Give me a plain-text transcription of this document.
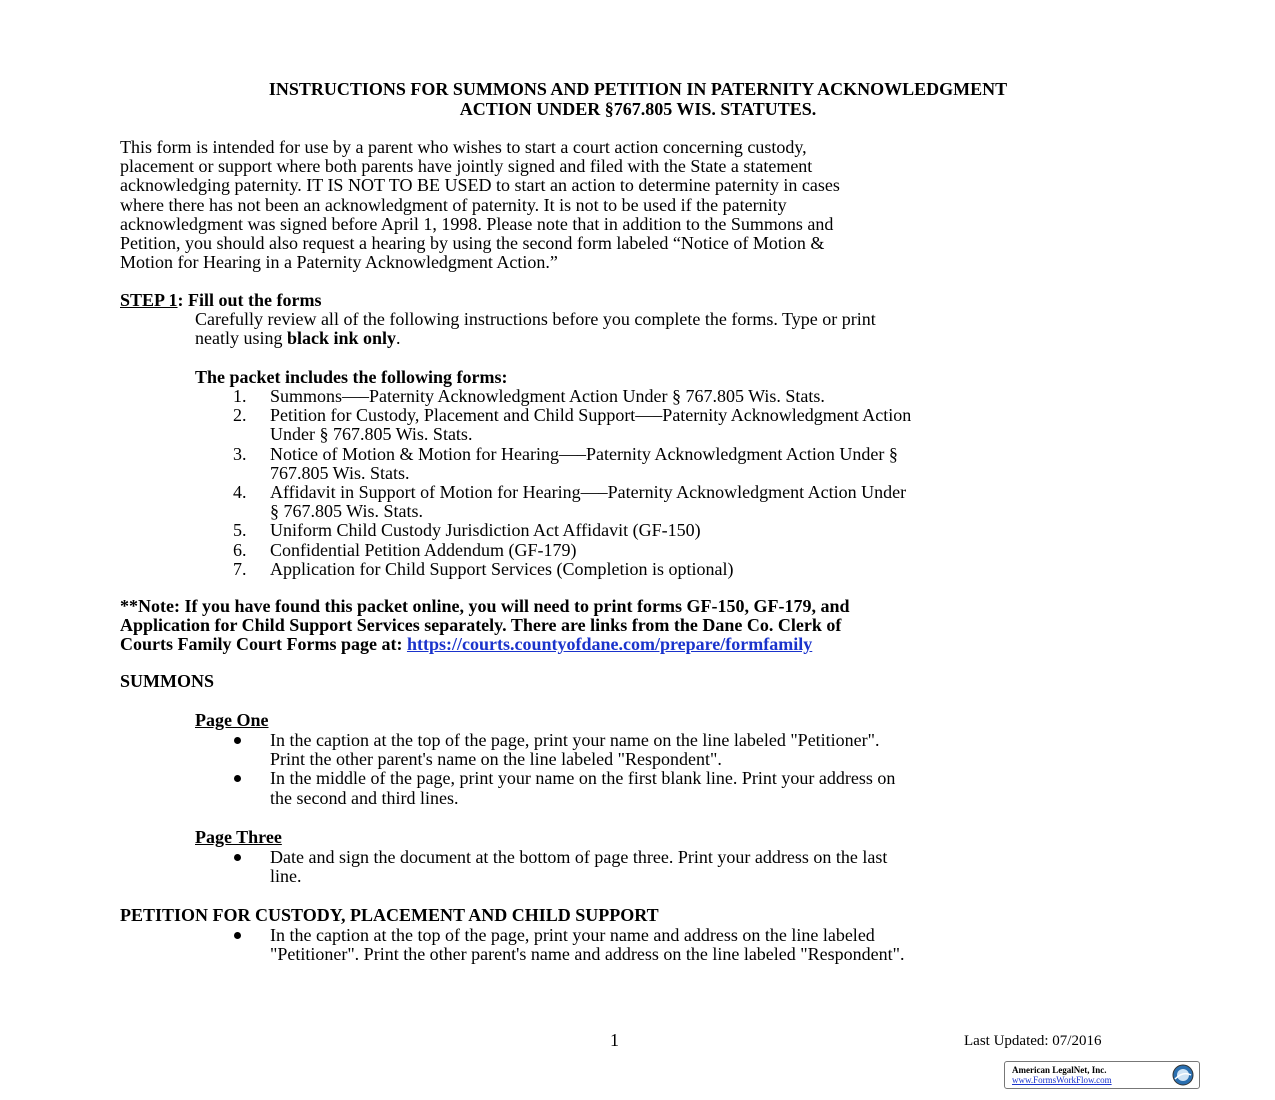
INSTRUCTIONS FOR SUMMONS AND PETITION IN PATERNITY ACKNOWLEDGMENT
ACTION UNDER §767.805 WIS. STATUTES.
This form is intended for use by a parent who wishes to start a court action concerning custody,
placement or support where both parents have jointly signed and filed with the State a statement
acknowledging paternity. IT IS NOT TO BE USED to start an action to determine paternity in cases
where there has not been an acknowledgment of paternity. It is not to be used if the paternity
acknowledgment was signed before April 1, 1998. Please note that in addition to the Summons and
Petition, you should also request a hearing by using the second form labeled “Notice of Motion &
Motion for Hearing in a Paternity Acknowledgment Action.”
STEP 1: Fill out the forms
Carefully review all of the following instructions before you complete the forms. Type or print
neatly using black ink only.
The packet includes the following forms:
1. Summons—–Paternity Acknowledgment Action Under § 767.805 Wis. Stats.
2. Petition for Custody, Placement and Child Support—–Paternity Acknowledgment Action
Under § 767.805 Wis. Stats.
3. Notice of Motion & Motion for Hearing—–Paternity Acknowledgment Action Under §
767.805 Wis. Stats.
4. Affidavit in Support of Motion for Hearing—–Paternity Acknowledgment Action Under
§ 767.805 Wis. Stats.
5. Uniform Child Custody Jurisdiction Act Affidavit (GF-150)
6. Confidential Petition Addendum (GF-179)
7. Application for Child Support Services (Completion is optional)
**Note: If you have found this packet online, you will need to print forms GF-150, GF-179, and
Application for Child Support Services separately. There are links from the Dane Co. Clerk of
Courts Family Court Forms page at: https://courts.countyofdane.com/prepare/formfamily
SUMMONS
Page One
In the caption at the top of the page, print your name on the line labeled "Petitioner".
Print the other parent's name on the line labeled "Respondent".
In the middle of the page, print your name on the first blank line. Print your address on
the second and third lines.
Page Three
Date and sign the document at the bottom of page three. Print your address on the last
line.
PETITION FOR CUSTODY, PLACEMENT AND CHILD SUPPORT
In the caption at the top of the page, print your name and address on the line labeled
"Petitioner". Print the other parent's name and address on the line labeled "Respondent".
1	Last Updated: 07/2016
American LegalNet, Inc.
www.FormsWorkFlow.com
